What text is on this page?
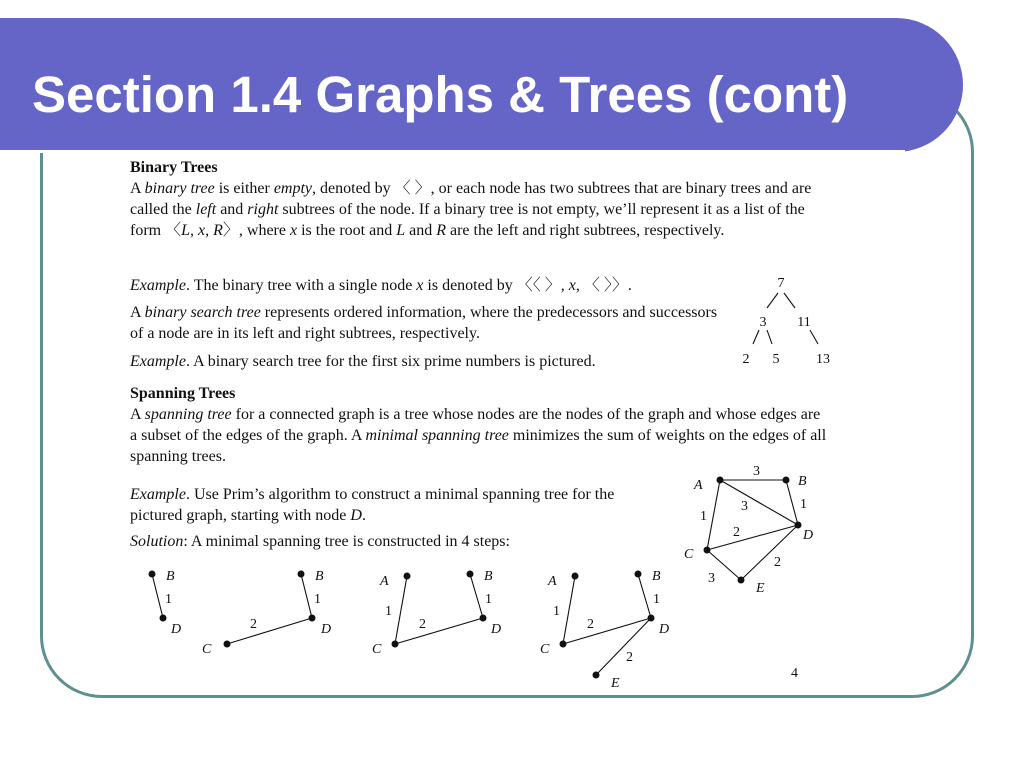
Section 1.4 Graphs & Trees (cont)

Binary Trees

A binary tree is either empty, denoted by 〈 〉, or each node has two subtrees that are binary trees and are called the left and right subtrees of the node. If a binary tree is not empty, we’ll represent it as a list of the form 〈L, x, R〉, where x is the root and L and R are the left and right subtrees, respectively.

Example. The binary tree with a single node x is denoted by 〈〈 〉, x, 〈 〉〉.

A binary search tree represents ordered information, where the predecessors and successors of a node are in its left and right subtrees, respectively.

Example. A binary search tree for the first six prime numbers is pictured.

7
3 11
2 5	13

Spanning Trees

A spanning tree for a connected graph is a tree whose nodes are the nodes of the graph and whose edges are a subset of the edges of the graph. A minimal spanning tree minimizes the sum of weights on the edges of all spanning trees.

Example. Use Prim’s algorithm to construct a minimal spanning tree for the pictured graph, starting with node D.

Solution: A minimal spanning tree is constructed in 4 steps:

A	B
C
D
E
3
3	1
1
2
2
3
B
D
1
B
C
D
1
2
A	B
C
D
1
2
1
A	B
C
D
E
1
2
1
2

4
